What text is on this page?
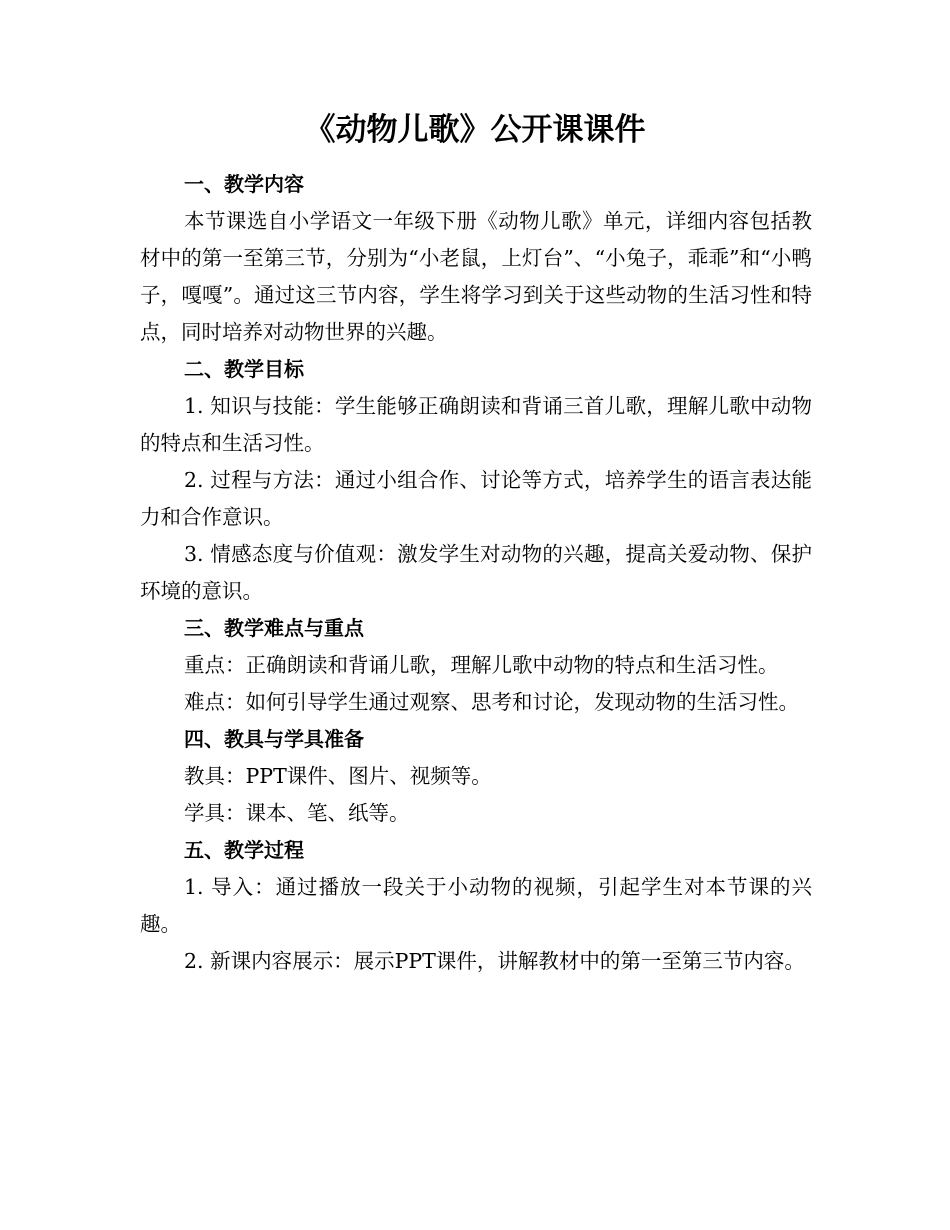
《动物儿歌》公开课课件

一、教学内容

本节课选自小学语文一年级下册《动物儿歌》单元，详细内容包括教材中的第一至第三节，分别为“小老鼠，上灯台”、“小兔子，乖乖”和“小鸭子，嘎嘎”。通过这三节内容，学生将学习到关于这些动物的生活习性和特点，同时培养对动物世界的兴趣。

二、教学目标

1. 知识与技能：学生能够正确朗读和背诵三首儿歌，理解儿歌中动物的特点和生活习性。

2. 过程与方法：通过小组合作、讨论等方式，培养学生的语言表达能力和合作意识。

3. 情感态度与价值观：激发学生对动物的兴趣，提高关爱动物、保护环境的意识。

三、教学难点与重点

重点：正确朗读和背诵儿歌，理解儿歌中动物的特点和生活习性。

难点：如何引导学生通过观察、思考和讨论，发现动物的生活习性。

四、教具与学具准备

教具：PPT课件、图片、视频等。

学具：课本、笔、纸等。

五、教学过程

1. 导入：通过播放一段关于小动物的视频，引起学生对本节课的兴趣。

2. 新课内容展示：展示PPT课件，讲解教材中的第一至第三节内容。
